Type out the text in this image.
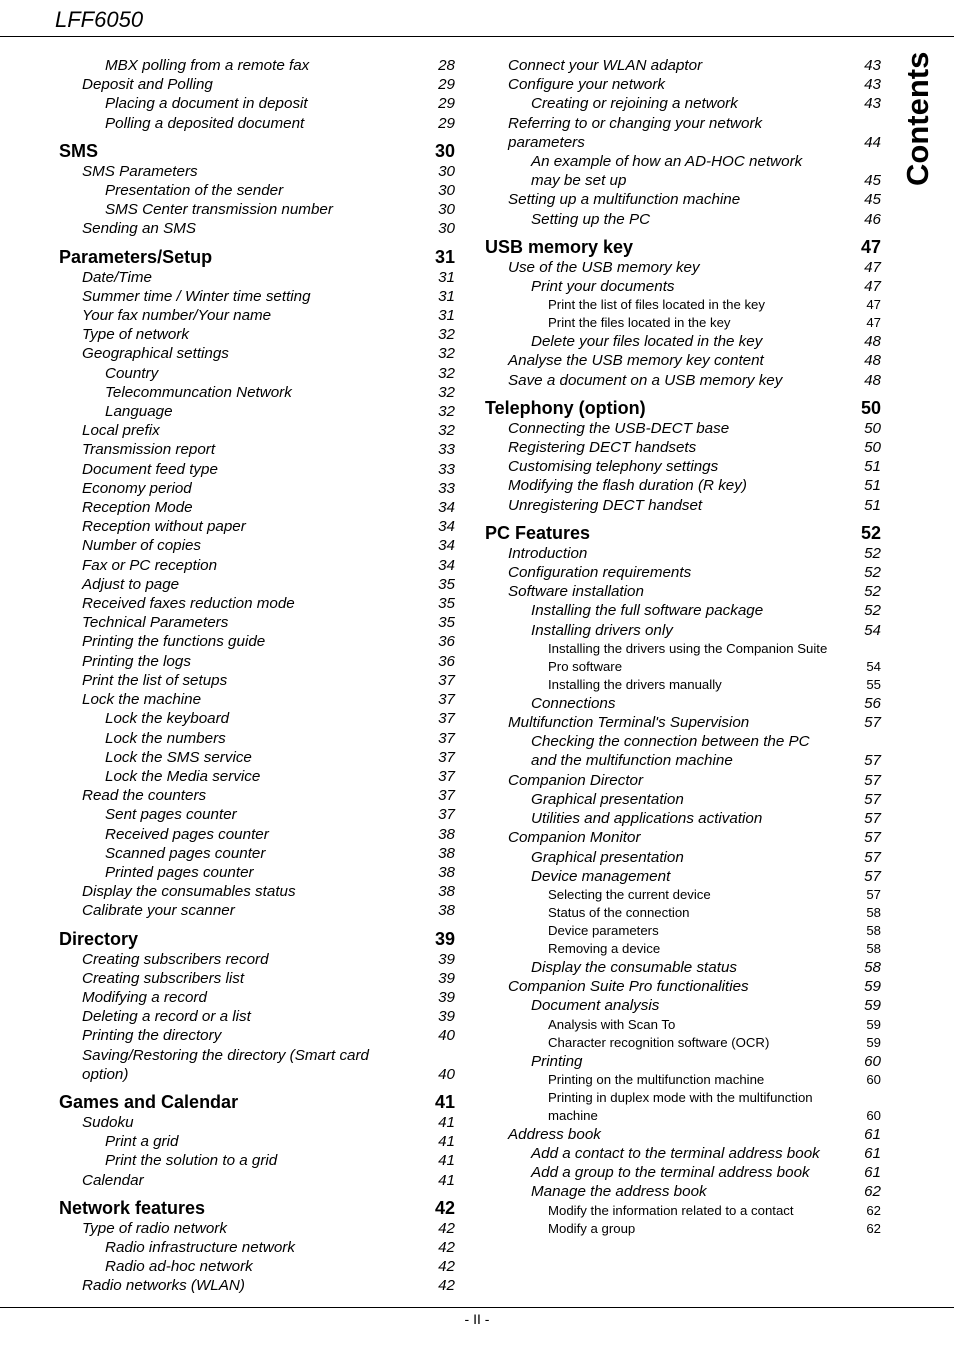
LFF6050
Contents
MBX polling from a remote fax	28
Deposit and Polling	29
Placing a document in deposit	29
Polling a deposited document	29
SMS	30
SMS Parameters	30
Presentation of the sender	30
SMS Center transmission number	30
Sending an SMS	30
Parameters/Setup	31
Date/Time	31
Summer time / Winter time setting	31
Your fax number/Your name	31
Type of network	32
Geographical settings	32
Country	32
Telecommuncation Network	32
Language	32
Local prefix	32
Transmission report	33
Document feed type	33
Economy period	33
Reception Mode	34
Reception without paper	34
Number of copies	34
Fax or PC reception	34
Adjust to page	35
Received faxes reduction mode	35
Technical Parameters	35
Printing the functions guide	36
Printing the logs	36
Print the list of setups	37
Lock the machine	37
Lock the keyboard	37
Lock the numbers	37
Lock the SMS service	37
Lock the Media service	37
Read the counters	37
Sent pages counter	37
Received pages counter	38
Scanned pages counter	38
Printed pages counter	38
Display the consumables status	38
Calibrate your scanner	38
Directory	39
Creating subscribers record	39
Creating subscribers list	39
Modifying a record	39
Deleting a record or a list	39
Printing the directory	40
Saving/Restoring the directory (Smart card option)	40
Games and Calendar	41
Sudoku	41
Print a grid	41
Print the solution to a grid	41
Calendar	41
Network features	42
Type of radio network	42
Radio infrastructure network	42
Radio ad-hoc network	42
Radio networks (WLAN)	42
Connect your WLAN adaptor	43
Configure your network	43
Creating or rejoining a network	43
Referring to or changing your network parameters	44
An example of how an AD-HOC network may be set up	45
Setting up a multifunction machine	45
Setting up the PC	46
USB memory key	47
Use of the USB memory key	47
Print your documents	47
Print the list of files located in the key	47
Print the files located in the key	47
Delete your files located in the key	48
Analyse the USB memory key content	48
Save a document on a USB memory key	48
Telephony (option)	50
Connecting the USB-DECT base	50
Registering DECT handsets	50
Customising telephony settings	51
Modifying the flash duration (R key)	51
Unregistering DECT handset	51
PC Features	52
Introduction	52
Configuration requirements	52
Software installation	52
Installing the full software package	52
Installing drivers only	54
Installing the drivers using the Companion Suite Pro software	54
Installing the drivers manually	55
Connections	56
Multifunction Terminal's Supervision	57
Checking the connection between the PC and the multifunction machine	57
Companion Director	57
Graphical presentation	57
Utilities and applications activation	57
Companion Monitor	57
Graphical presentation	57
Device management	57
Selecting the current device	57
Status of the connection	58
Device parameters	58
Removing a device	58
Display the consumable status	58
Companion Suite Pro functionalities	59
Document analysis	59
Analysis with Scan To	59
Character recognition software (OCR)	59
Printing	60
Printing on the multifunction machine	60
Printing in duplex mode with the multifunction machine	60
Address book	61
Add a contact to the terminal address book	61
Add a group to the terminal address book	61
Manage the address book	62
Modify the information related to a contact	62
Modify a group	62
- II -
